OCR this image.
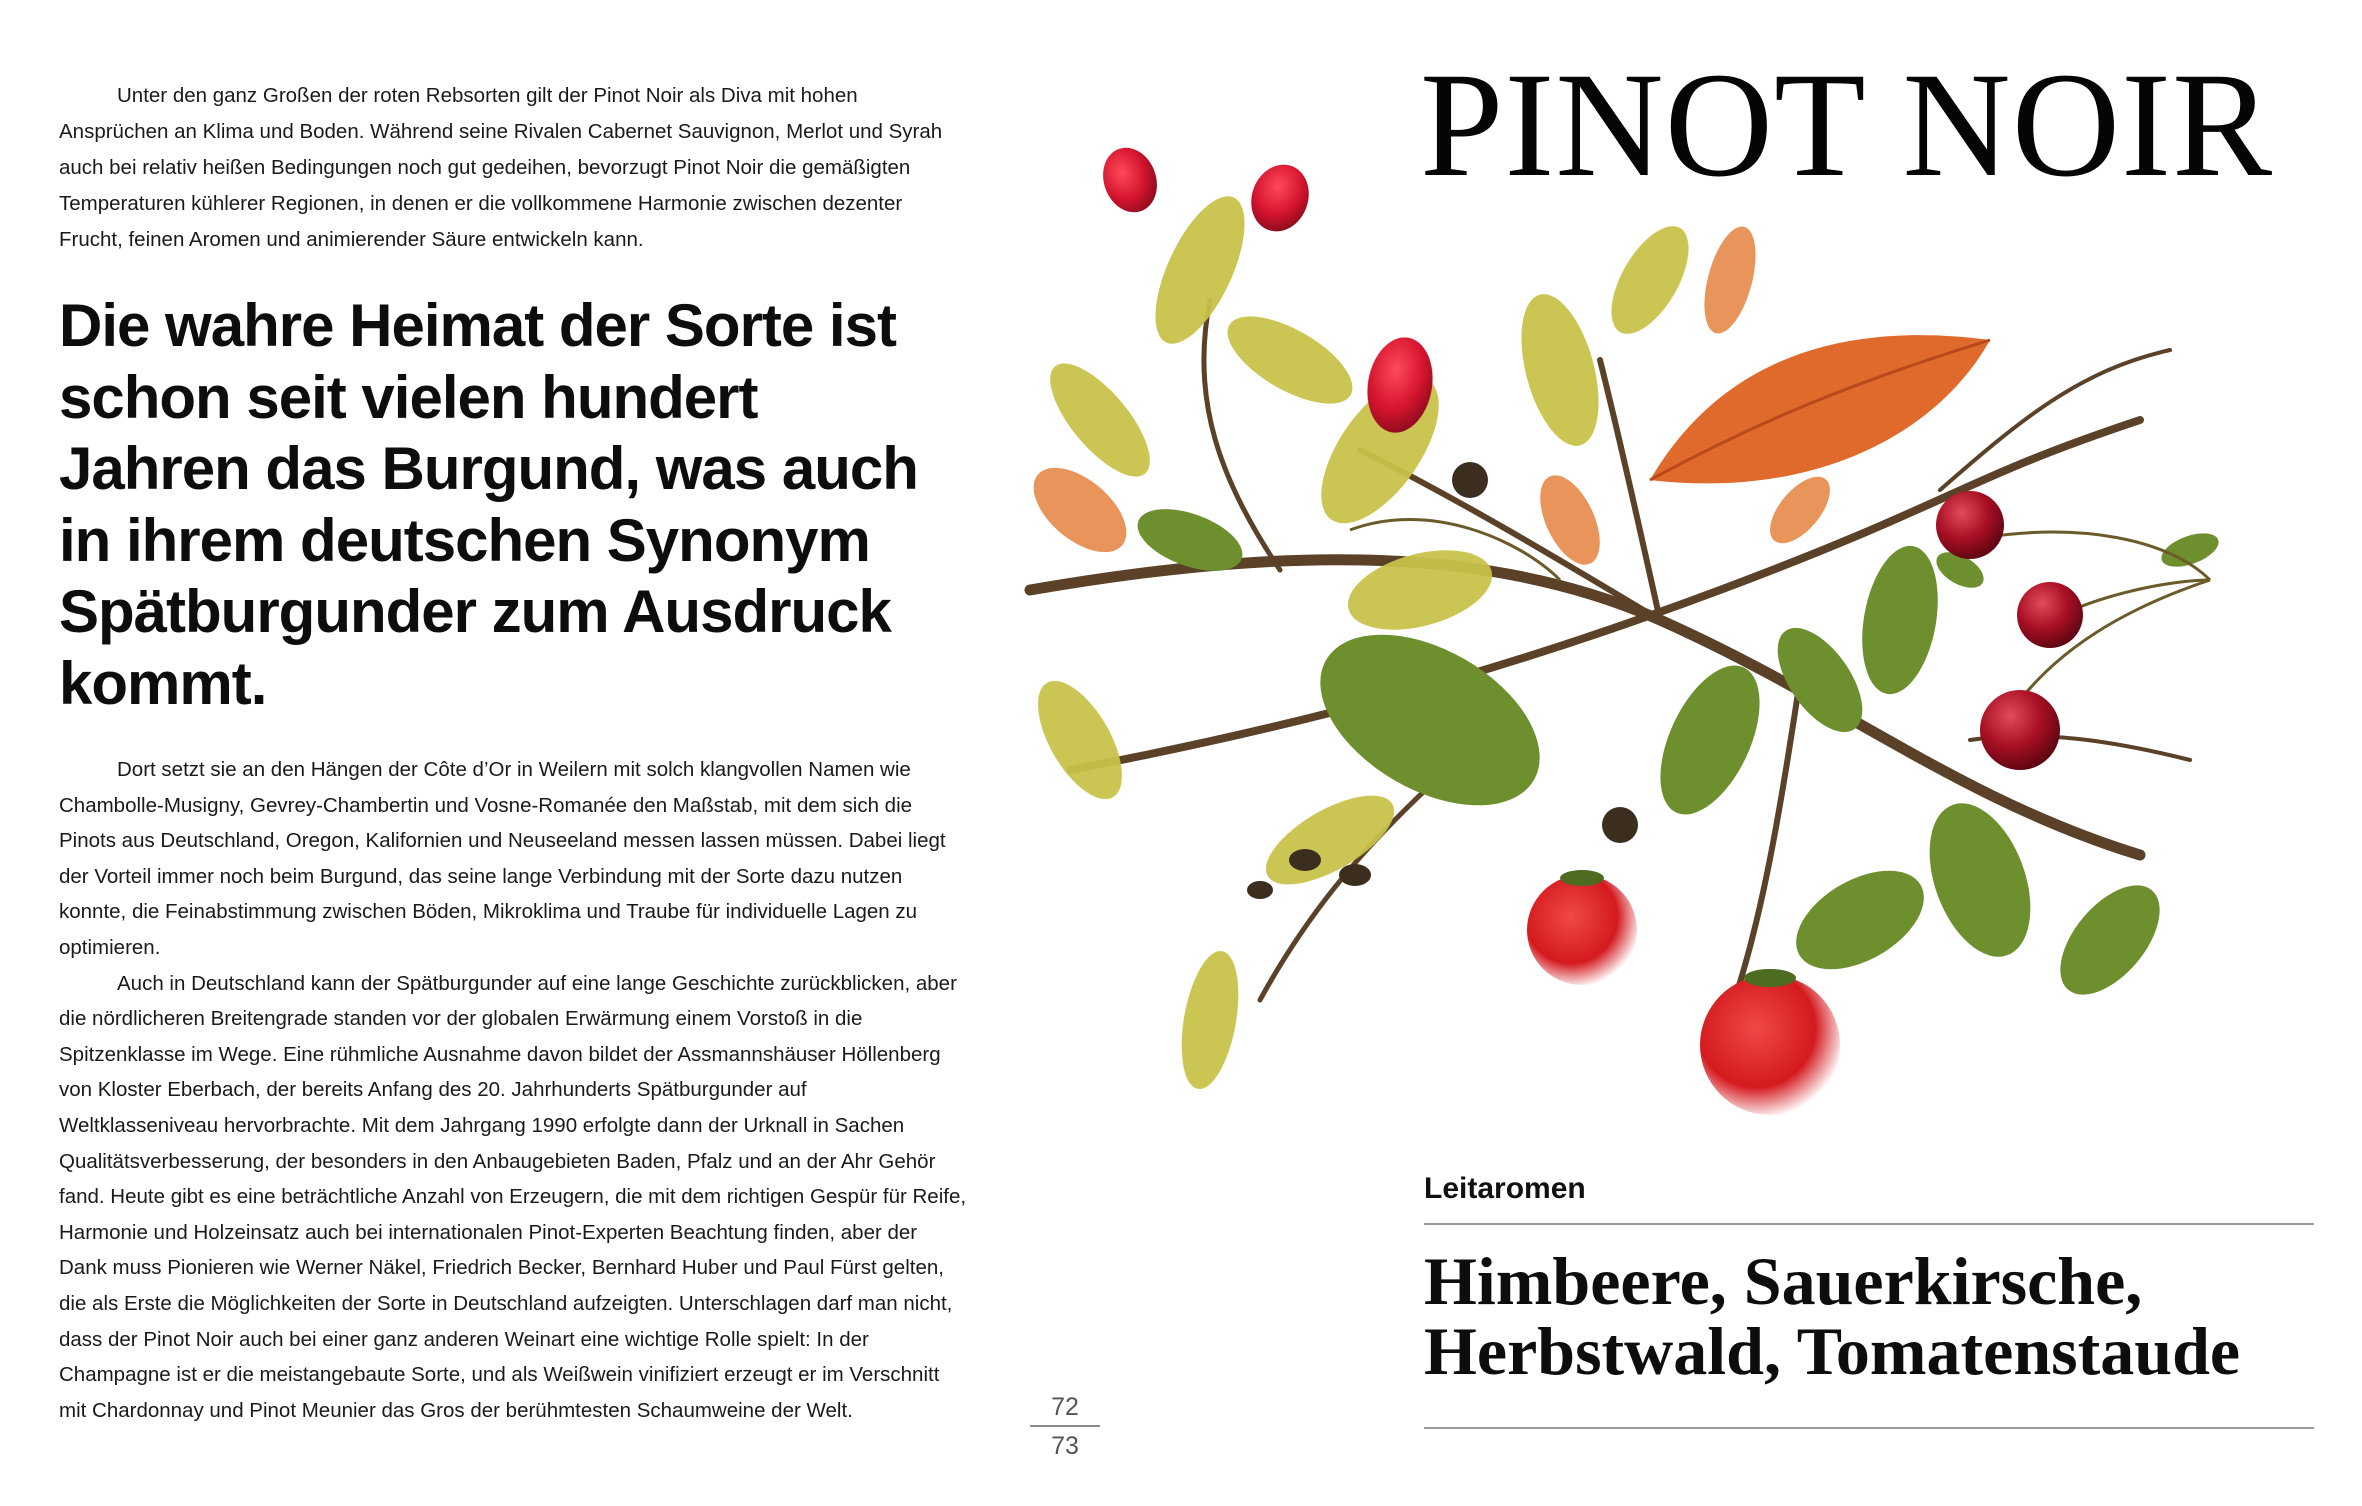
Unter den ganz Großen der roten Rebsorten gilt der Pinot Noir als Diva mit hohen Ansprüchen an Klima und Boden. Während seine Rivalen Cabernet Sauvignon, Merlot und Syrah auch bei relativ heißen Bedingungen noch gut gedeihen, bevorzugt Pinot Noir die gemäßigten Temperaturen kühlerer Regionen, in denen er die vollkommene Harmonie zwischen dezenter Frucht, feinen Aromen und animierender Säure entwickeln kann.

Die wahre Heimat der Sorte ist schon seit vielen hundert Jahren das Burgund, was auch in ihrem deutschen Synonym Spätburgunder zum Ausdruck kommt.

Dort setzt sie an den Hängen der Côte d’Or in Weilern mit solch klangvollen Namen wie Chambolle-Musigny, Gevrey-Chambertin und Vosne-Romanée den Maßstab, mit dem sich die Pinots aus Deutschland, Oregon, Kalifornien und Neuseeland messen lassen müssen. Dabei liegt der Vorteil immer noch beim Burgund, das seine lange Verbindung mit der Sorte dazu nutzen konnte, die Feinabstimmung zwischen Böden, Mikroklima und Traube für individuelle Lagen zu optimieren.

Auch in Deutschland kann der Spätburgunder auf eine lange Geschichte zurückblicken, aber die nördlicheren Breitengrade standen vor der globalen Erwärmung einem Vorstoß in die Spitzenklasse im Wege. Eine rühmliche Ausnahme davon bildet der Assmannshäuser Höllenberg von Kloster Eberbach, der bereits Anfang des 20. Jahrhunderts Spätburgunder auf Weltklasseniveau hervorbrachte. Mit dem Jahrgang 1990 erfolgte dann der Urknall in Sachen Qualitätsverbesserung, der besonders in den Anbaugebieten Baden, Pfalz und an der Ahr Gehör fand. Heute gibt es eine beträchtliche Anzahl von Erzeugern, die mit dem richtigen Gespür für Reife, Harmonie und Holzeinsatz auch bei internationalen Pinot-Experten Beachtung finden, aber der Dank muss Pionieren wie Werner Näkel, Friedrich Becker, Bernhard Huber und Paul Fürst gelten, die als Erste die Möglichkeiten der Sorte in Deutschland aufzeigten. Unterschlagen darf man nicht, dass der Pinot Noir auch bei einer ganz anderen Weinart eine wichtige Rolle spielt: In der Champagne ist er die meistangebaute Sorte, und als Weißwein vinifiziert erzeugt er im Verschnitt mit Chardonnay und Pinot Meunier das Gros der berühmtesten Schaumweine der Welt.	72
73
PINOT NOIR
Leitaromen

Himbeere, Sauerkirsche, Herbstwald, Tomatenstaude
